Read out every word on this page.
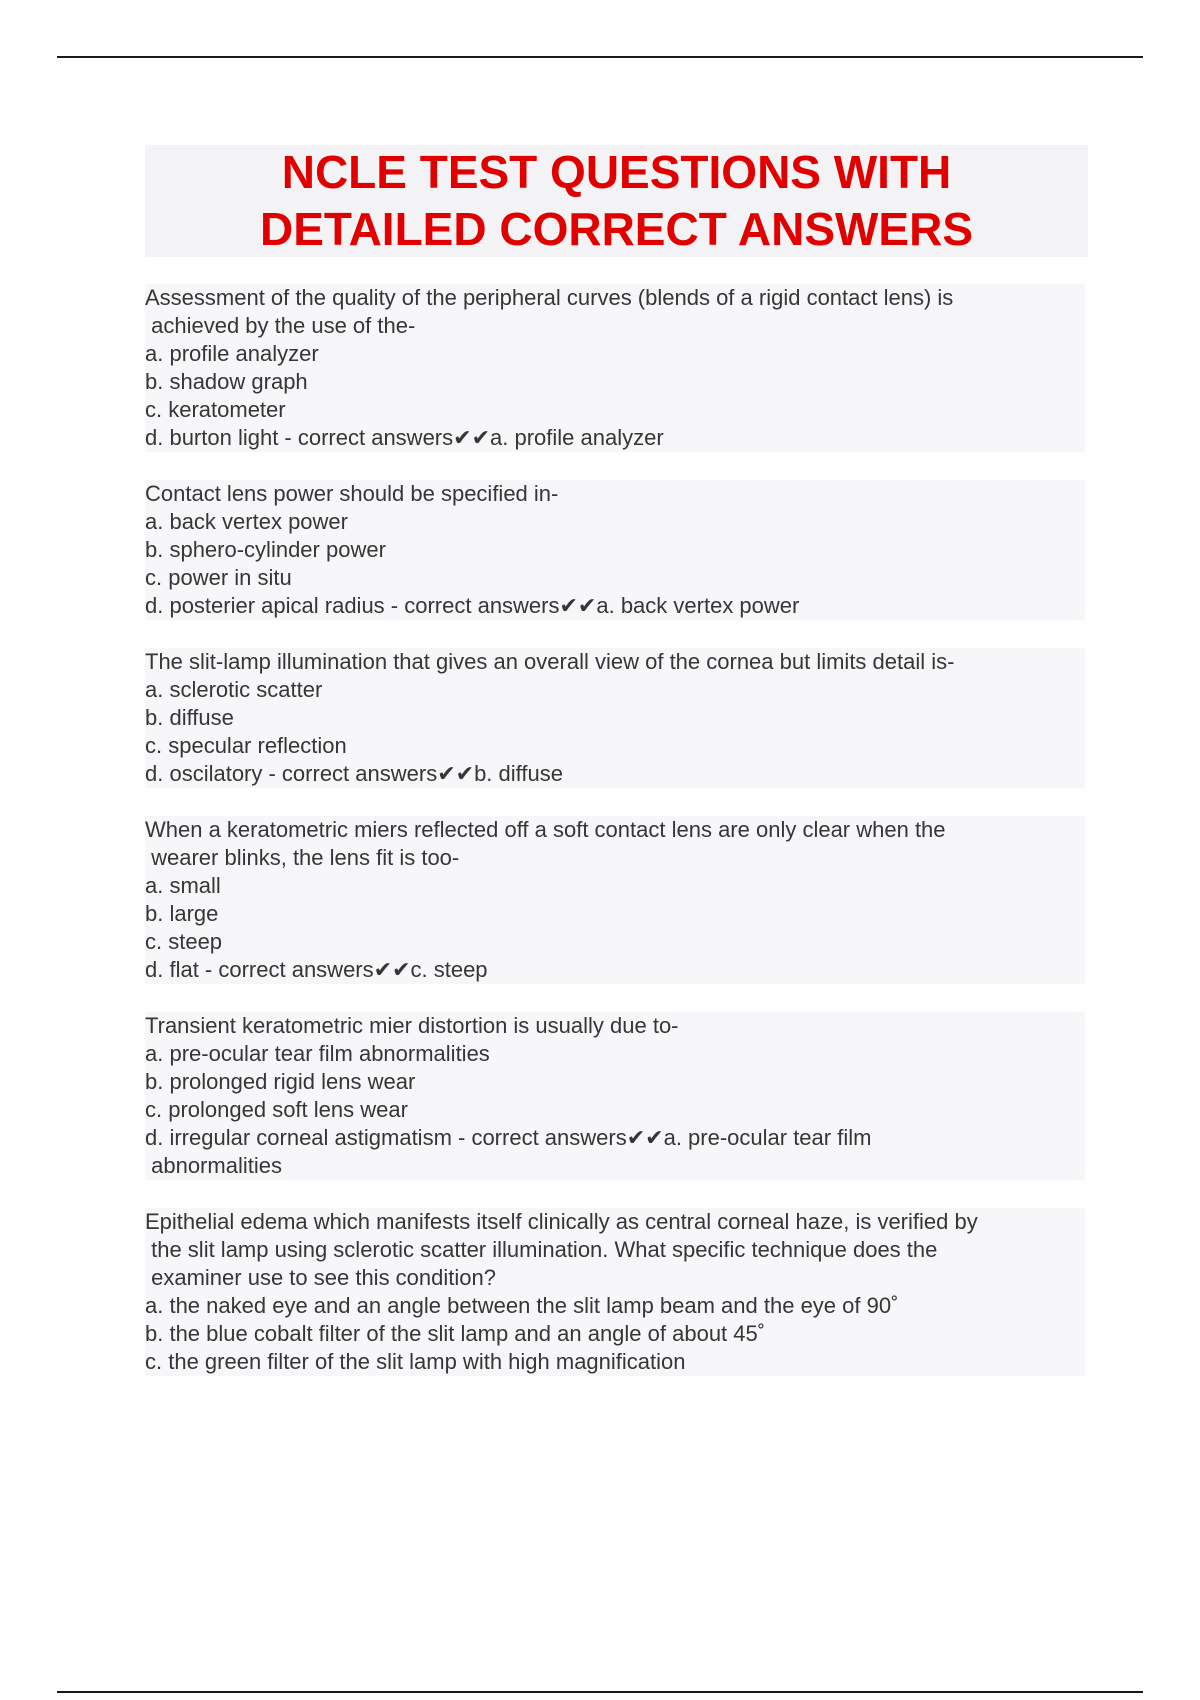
NCLE TEST QUESTIONS WITH
DETAILED CORRECT ANSWERS
Assessment of the quality of the peripheral curves (blends of a rigid contact lens) is
achieved by the use of the-
a. profile analyzer
b. shadow graph
c. keratometer
d. burton light - correct answers✔✔a. profile analyzer
Contact lens power should be specified in-
a. back vertex power
b. sphero-cylinder power
c. power in situ
d. posterier apical radius - correct answers✔✔a. back vertex power
The slit-lamp illumination that gives an overall view of the cornea but limits detail is-
a. sclerotic scatter
b. diffuse
c. specular reflection
d. oscilatory - correct answers✔✔b. diffuse
When a keratometric miers reflected off a soft contact lens are only clear when the
wearer blinks, the lens fit is too-
a. small
b. large
c. steep
d. flat - correct answers✔✔c. steep
Transient keratometric mier distortion is usually due to-
a. pre-ocular tear film abnormalities
b. prolonged rigid lens wear
c. prolonged soft lens wear
d. irregular corneal astigmatism - correct answers✔✔a. pre-ocular tear film
abnormalities
Epithelial edema which manifests itself clinically as central corneal haze, is verified by
the slit lamp using sclerotic scatter illumination. What specific technique does the
examiner use to see this condition?
a. the naked eye and an angle between the slit lamp beam and the eye of 90˚
b. the blue cobalt filter of the slit lamp and an angle of about 45˚
c. the green filter of the slit lamp with high magnification
